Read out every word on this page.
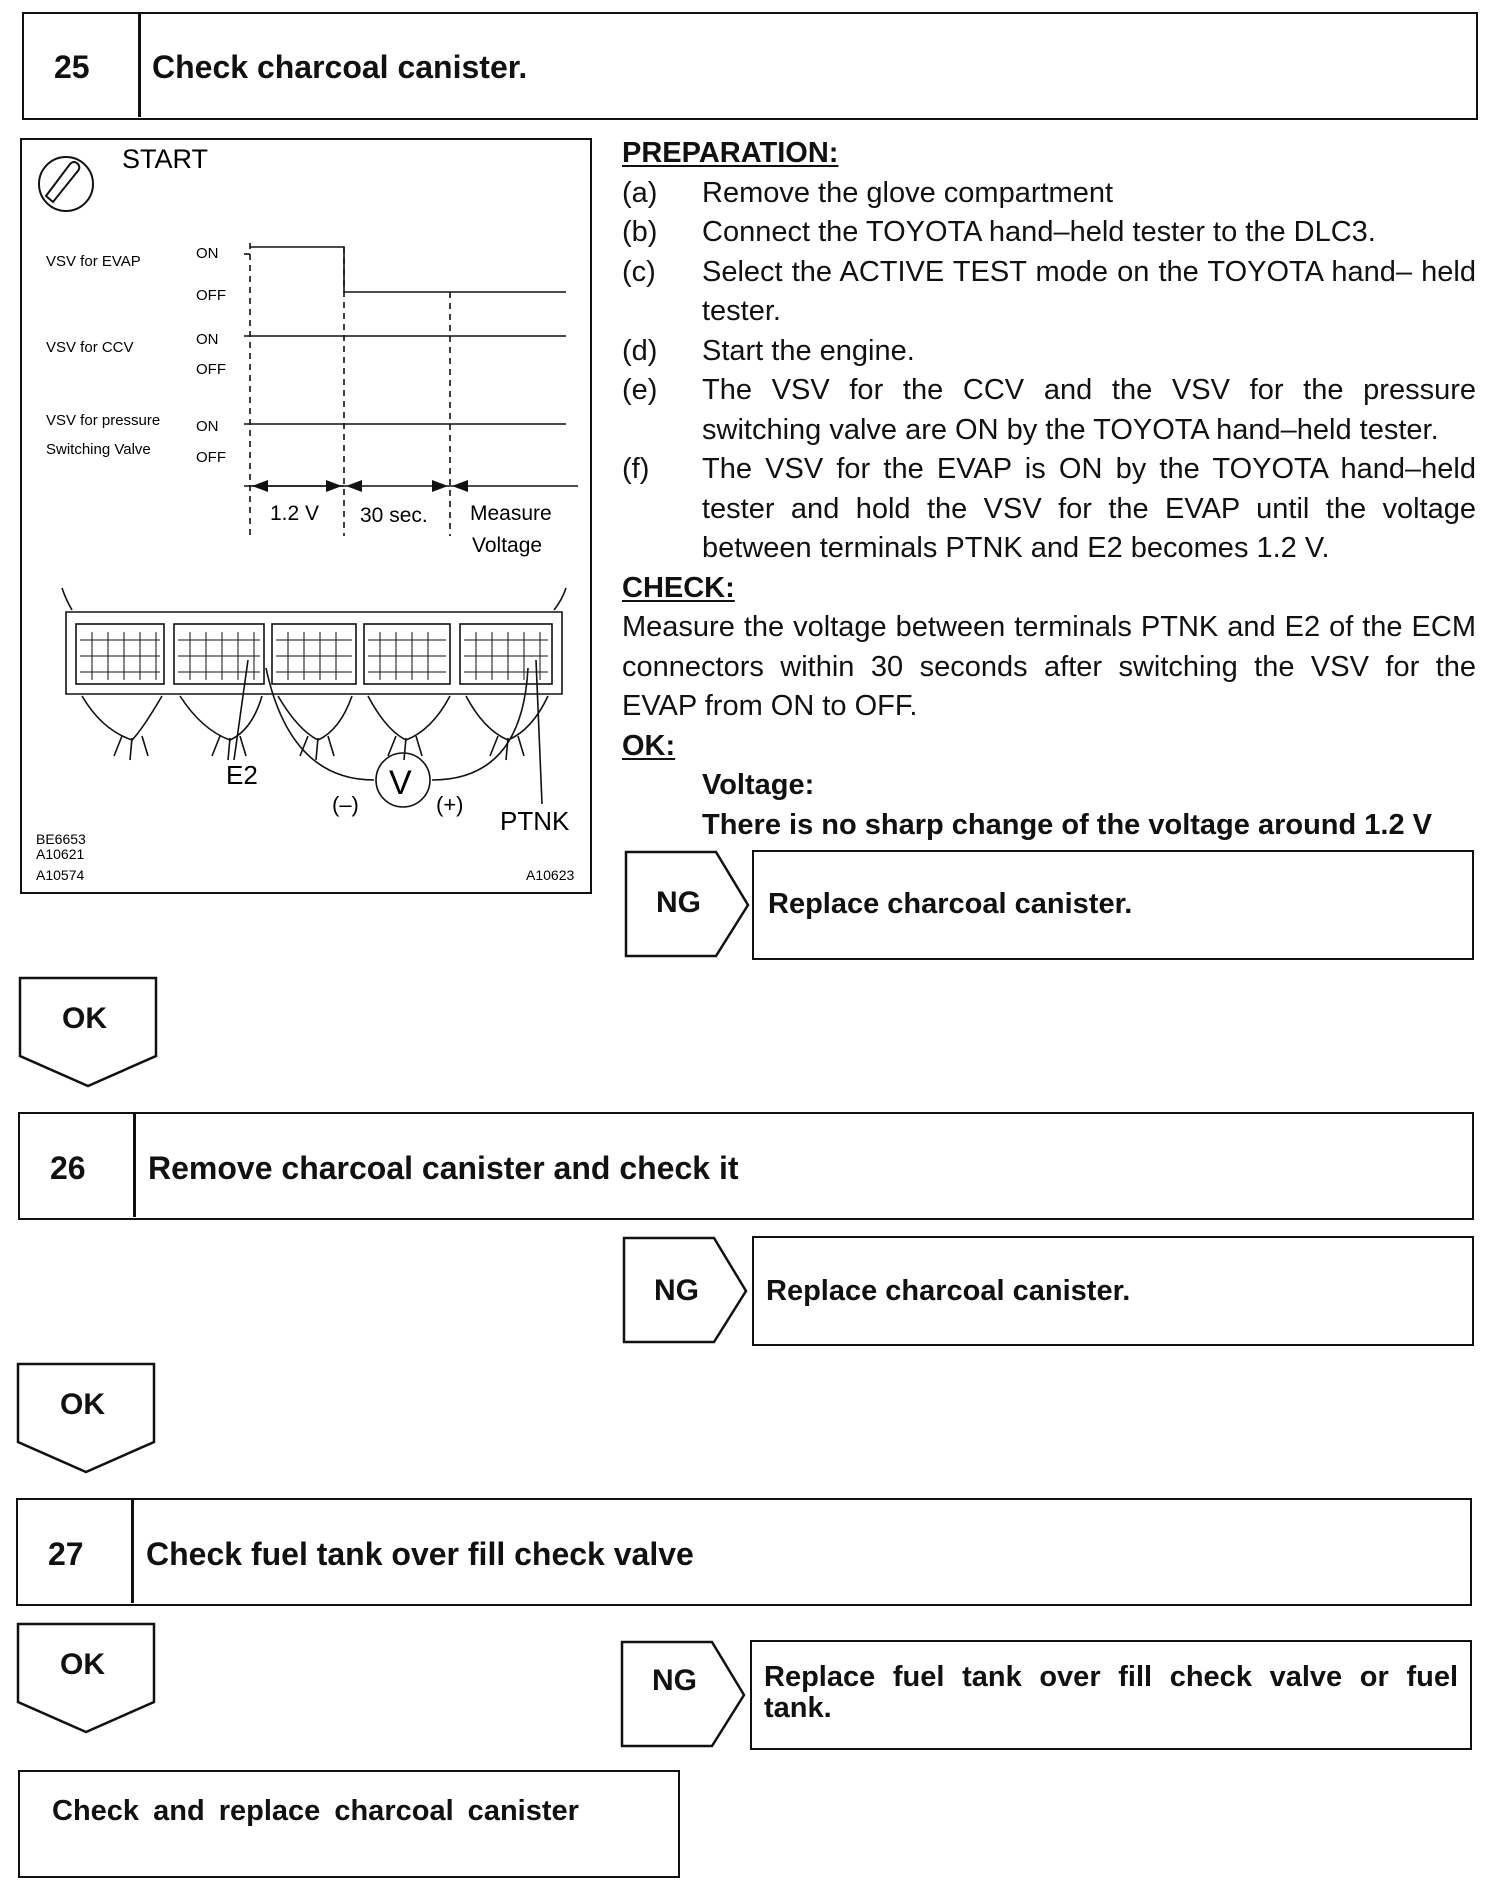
25 Check charcoal canister.
START
VSV for EVAP	ON
OFF
VSV for CCV	ON
OFF
VSV for pressure
Switching Valve
ON
OFF
1.2 V 30 sec. Measure
Voltage
V
(–)	(+)
E2
PTNK
BE6653
A10621
A10574	A10623
PREPARATION:
(a)	Remove the glove compartment
(b)	Connect the TOYOTA hand–held tester to the DLC3.
(c)	Select the ACTIVE TEST mode on the TOYOTA hand– held tester.
(d)	Start the engine.
(e)	The VSV for the CCV and the VSV for the pressure switching valve are ON by the TOYOTA hand–held tester.
(f)	The VSV for the EVAP is ON by the TOYOTA hand–held tester and hold the VSV for the EVAP until the voltage between terminals PTNK and E2 becomes 1.2 V.
CHECK:
Measure the voltage between terminals PTNK and E2 of the ECM connectors within 30 seconds after switching the VSV for the EVAP from ON to OFF.
OK:
Voltage:
There is no sharp change of the voltage around 1.2 V
NG Replace charcoal canister.
OK
26 Remove charcoal canister and check it
NG Replace charcoal canister.
OK
27 Check fuel tank over fill check valve
OK	NG Replace fuel tank over fill check valve or fuel tank.
Check and replace charcoal canister
